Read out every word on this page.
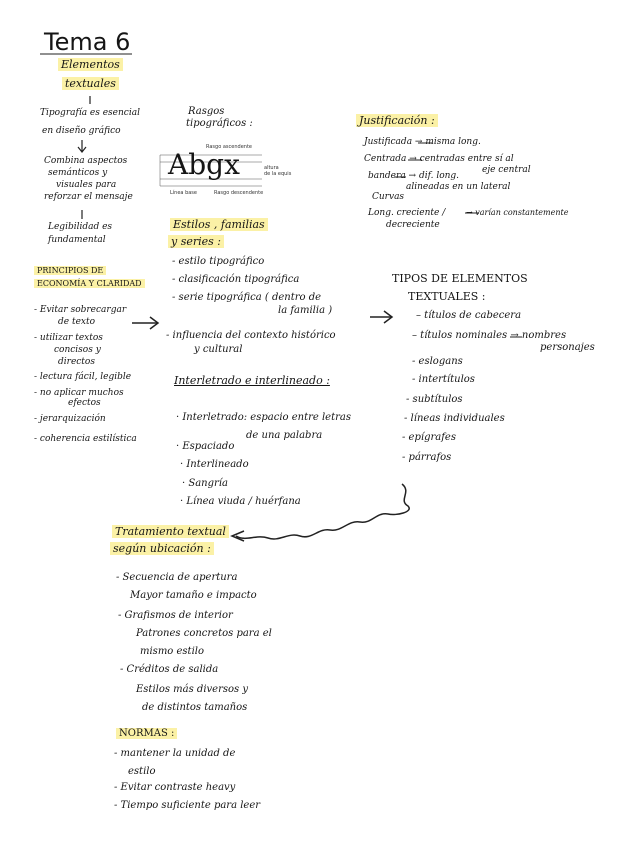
Tema 6
Elementos
textuales
Tipografía es esencial
en diseño gráfico
Combina aspectos
semánticos y
visuales para
reforzar el mensaje
Legibilidad es
fundamental
PRINCIPIOS DE
ECONOMÍA Y CLARIDAD
- Evitar sobrecargar
de texto
- utilizar textos
concisos y
directos
- lectura fácil, legible
- no aplicar muchos
efectos
- jerarquización
- coherencia estilística
Rasgos
tipográficos :
Abgx
Rasgo ascendente
Línea base	Rasgo descendente
altura
de la equis
Estilos , familias
y series :
- estilo tipográfico
- clasificación tipográfica
- serie tipográfica ( dentro de
la familia )
- influencia del contexto histórico
y cultural
Justificación :
Justificada → misma long.
Centrada → centradas entre sí al
eje central
bandera → dif. long.
alineadas en un lateral
Curvas
Long. creciente /
decreciente
→ varían constantemente
TIPOS DE ELEMENTOS
TEXTUALES :
– títulos de cabecera
– títulos nominales → nombres
personajes
- eslogans
- intertítulos
- subtítulos
- líneas individuales
- epígrafes
- párrafos
Interletrado e interlineado :
· Interletrado: espacio entre letras
de una palabra
· Espaciado
· Interlineado
· Sangría
· Línea viuda / huérfana
Tratamiento textual
según ubicación :
- Secuencia de apertura
Mayor tamaño e impacto
- Grafismos de interior
Patrones concretos para el
mismo estilo
- Créditos de salida
Estilos más diversos y
de distintos tamaños
NORMAS :
- mantener la unidad de
estilo
- Evitar contraste heavy
- Tiempo suficiente para leer
